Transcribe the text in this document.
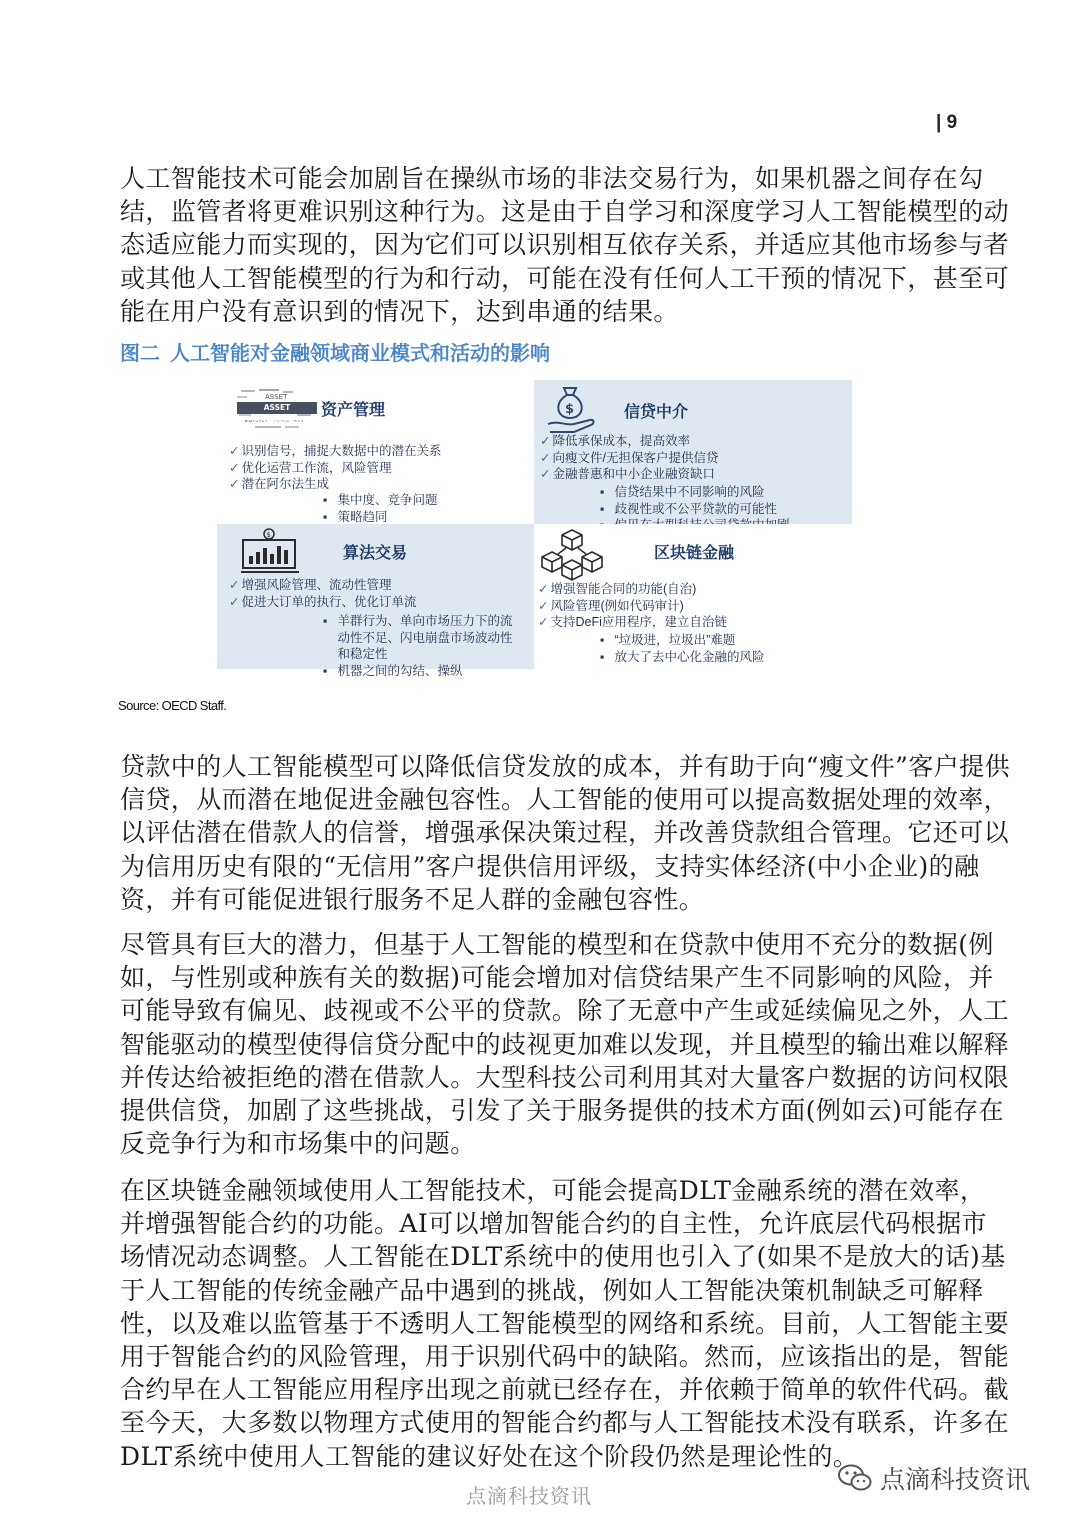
| 9

人工智能技术可能会加剧旨在操纵市场的非法交易行为，如果机器之间存在勾结，监管者将更难识别这种行为。这是由于自学习和深度学习人工智能模型的动态适应能力而实现的，因为它们可以识别相互依存关系，并适应其他市场参与者或其他人工智能模型的行为和行动，可能在没有任何人工干预的情况下，甚至可能在用户没有意识到的情况下，达到串通的结果。

图二 人工智能对金融领域商业模式和活动的影响
ASSET
ASSET MANAGEMENT
资产管理
✓ 识别信号，捕捉大数据中的潜在关系
✓ 优化运营工作流，风险管理
✓ 潜在阿尔法生成
▪ 集中度、竞争问题
▪ 策略趋同
$	信贷中介
✓ 降低承保成本，提高效率
✓ 向瘦文件/无担保客户提供信贷
✓ 金融普惠和中小企业融资缺口
▪ 信贷结果中不同影响的风险
▪ 歧视性或不公平贷款的可能性
▪
$
算法交易
✓ 增强风险管理、流动性管理
✓ 促进大订单的执行、优化订单流
▪ 羊群行为、单向市场压力下的流
动性不足、闪电崩盘市场波动性
和稳定性
▪ 机器之间的勾结、操纵
区块链金融
✓ 增强智能合同的功能(自治)
✓ 风险管理(例如代码审计)
✓ 支持DeFi应用程序，建立自治链
▪ “垃圾进，垃圾出”难题
▪ 放大了去中心化金融的风险
Source: OECD Staff.

贷款中的人工智能模型可以降低信贷发放的成本，并有助于向“瘦文件”客户提供信贷，从而潜在地促进金融包容性。人工智能的使用可以提高数据处理的效率，以评估潜在借款人的信誉，增强承保决策过程，并改善贷款组合管理。它还可以为信用历史有限的“无信用”客户提供信用评级，支持实体经济(中小企业)的融资，并有可能促进银行服务不足人群的金融包容性。

尽管具有巨大的潜力，但基于人工智能的模型和在贷款中使用不充分的数据(例如，与性别或种族有关的数据)可能会增加对信贷结果产生不同影响的风险，并可能导致有偏见、歧视或不公平的贷款。除了无意中产生或延续偏见之外，人工智能驱动的模型使得信贷分配中的歧视更加难以发现，并且模型的输出难以解释并传达给被拒绝的潜在借款人。大型科技公司利用其对大量客户数据的访问权限提供信贷，加剧了这些挑战，引发了关于服务提供的技术方面(例如云)可能存在反竞争行为和市场集中的问题。

在区块链金融领域使用人工智能技术，可能会提高DLT金融系统的潜在效率，并增强智能合约的功能。AI可以增加智能合约的自主性，允许底层代码根据市场情况动态调整。人工智能在DLT系统中的使用也引入了(如果不是放大的话)基于人工智能的传统金融产品中遇到的挑战，例如人工智能决策机制缺乏可解释性，以及难以监管基于不透明人工智能模型的网络和系统。目前，人工智能主要用于智能合约的风险管理，用于识别代码中的缺陷。然而，应该指出的是，智能合约早在人工智能应用程序出现之前就已经存在，并依赖于简单的软件代码。截至今天，大多数以物理方式使用的智能合约都与人工智能技术没有联系，许多在DLT系统中使用人工智能的建议好处在这个阶段仍然是理论性的。

点滴科技资讯
点滴科技资讯
